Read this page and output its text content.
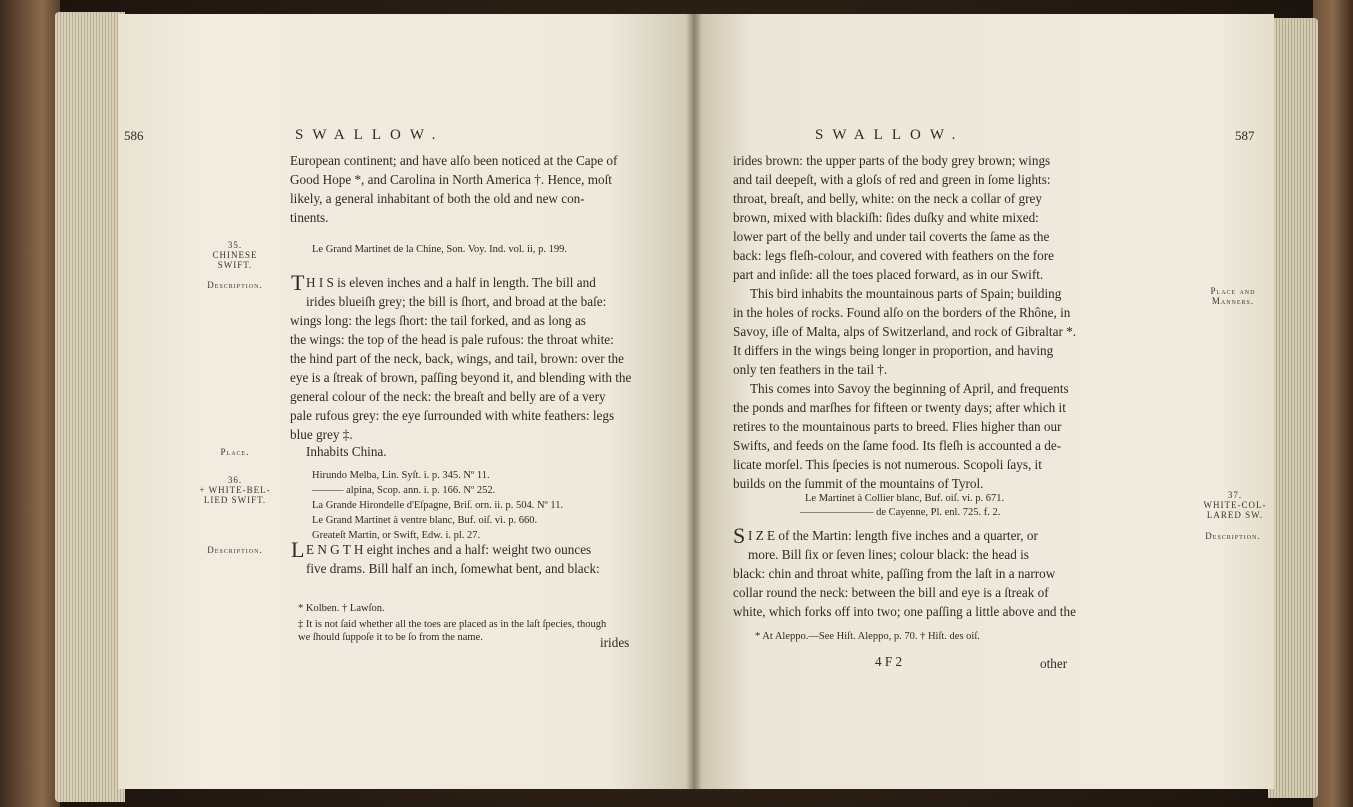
586	SWALLOW.
European continent; and have alſo been noticed at the Cape of
Good Hope *, and Carolina in North America †. Hence, moſt
likely, a general inhabitant of both the old and new con-
tinents.
35.
CHINESE
SWIFT.
Le Grand Martinet de la Chine, Son. Voy. Ind. vol. ii, p. 199.
Description.	T H I S is eleven inches and a half in length. The bill and
irides blueiſh grey; the bill is ſhort, and broad at the baſe:
wings long: the legs ſhort: the tail forked, and as long as
the wings: the top of the head is pale rufous: the throat white:
the hind part of the neck, back, wings, and tail, brown: over the
eye is a ſtreak of brown, paſſing beyond it, and blending with the
general colour of the neck: the breaſt and belly are of a very
pale rufous grey: the eye ſurrounded with white feathers: legs
blue grey ‡.
Place.	Inhabits China.
36.
+ WHITE-BEL-
LIED SWIFT.
Hirundo Melba, Lin. Syſt. i. p. 345. Nº 11.
——— alpina, Scop. ann. i. p. 166. Nº 252.
La Grande Hirondelle d'Eſpagne, Briſ. orn. ii. p. 504. Nº 11.
Le Grand Martinet à ventre blanc, Buf. oiſ. vi. p. 660.
Greateſt Martin, or Swift, Edw. i. pl. 27.
Description.	L E N G T H eight inches and a half: weight two ounces
five drams. Bill half an inch, ſomewhat bent, and black:
* Kolben. † Lawſon.
‡ It is not ſaid whether all the toes are placed as in the laſt ſpecies, though
we ſhould ſuppoſe it to be ſo from the name.	irides
SWALLOW.	587
irides brown: the upper parts of the body grey brown; wings
and tail deepeſt, with a gloſs of red and green in ſome lights:
throat, breaſt, and belly, white: on the neck a collar of grey
brown, mixed with blackiſh: ſides duſky and white mixed:
lower part of the belly and under tail coverts the ſame as the
back: legs fleſh-colour, and covered with feathers on the fore
part and inſide: all the toes placed forward, as in our Swift.
This bird inhabits the mountainous parts of Spain; building
in the holes of rocks. Found alſo on the borders of the Rhône, in
Savoy, iſle of Malta, alps of Switzerland, and rock of Gibraltar *.
It differs in the wings being longer in proportion, and having
only ten feathers in the tail †.
This comes into Savoy the beginning of April, and frequents
the ponds and marſhes for fifteen or twenty days; after which it
retires to the mountainous parts to breed. Flies higher than our
Swifts, and feeds on the ſame food. Its fleſh is accounted a de-
licate morſel. This ſpecies is not numerous. Scopoli ſays, it
builds on the ſummit of the mountains of Tyrol.
Place and
Manners.
Le Martinet à Collier blanc, Buf. oiſ. vi. p. 671.
——————— de Cayenne, Pl. enl. 725. f. 2.
37.
WHITE-COL-
LARED SW.
Description.
S I Z E of the Martin: length five inches and a quarter, or
more. Bill ſix or ſeven lines; colour black: the head is
black: chin and throat white, paſſing from the laſt in a narrow
collar round the neck: between the bill and eye is a ſtreak of
white, which forks off into two; one paſſing a little above and the
* At Aleppo.—See Hiſt. Aleppo, p. 70. † Hiſt. des oiſ.
4 F 2	other
